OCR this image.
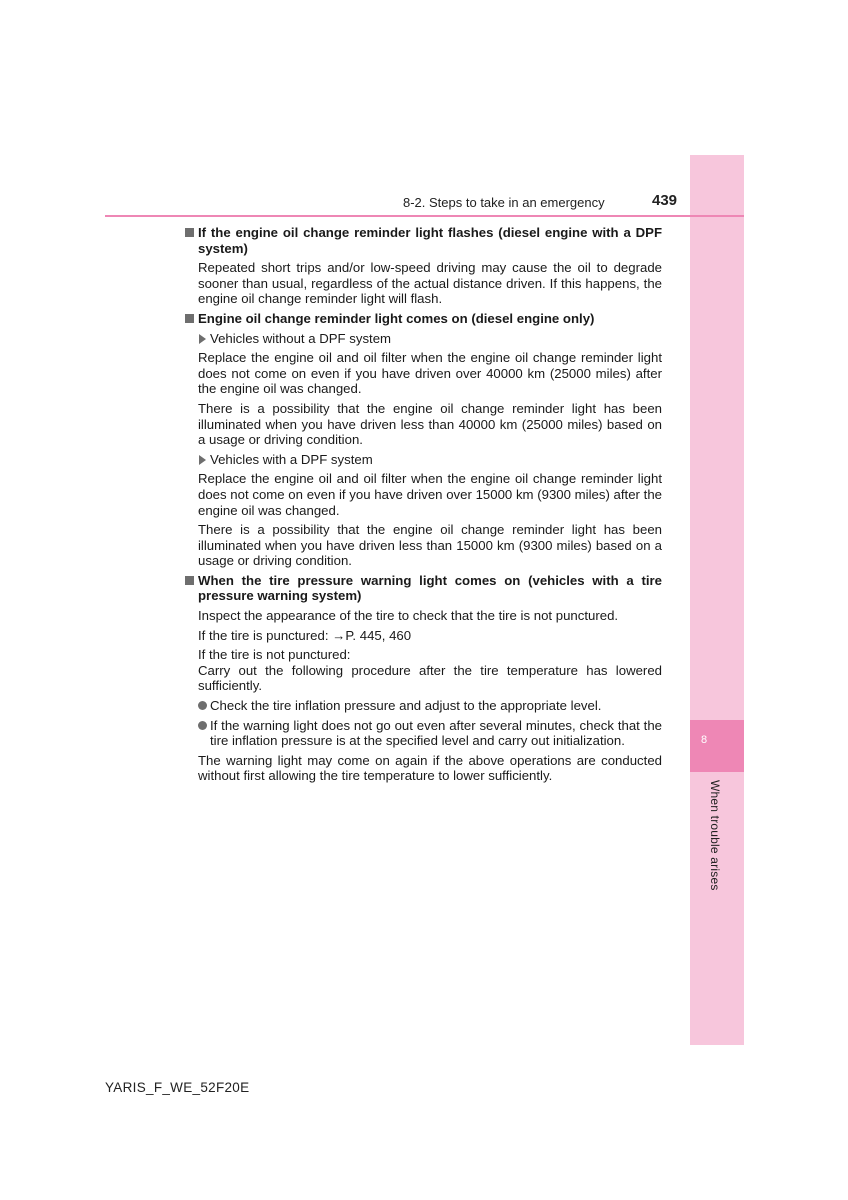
8
When trouble arises
8-2. Steps to take in an emergency	439
If the engine oil change reminder light flashes (diesel engine with a DPF system)
Repeated short trips and/or low-speed driving may cause the oil to degrade sooner than usual, regardless of the actual distance driven. If this happens, the engine oil change reminder light will flash.
Engine oil change reminder light comes on (diesel engine only)
Vehicles without a DPF system
Replace the engine oil and oil filter when the engine oil change reminder light does not come on even if you have driven over 40000 km (25000 miles) after the engine oil was changed.
There is a possibility that the engine oil change reminder light has been illuminated when you have driven less than 40000 km (25000 miles) based on a usage or driving condition.
Vehicles with a DPF system
Replace the engine oil and oil filter when the engine oil change reminder light does not come on even if you have driven over 15000 km (9300 miles) after the engine oil was changed.
There is a possibility that the engine oil change reminder light has been illuminated when you have driven less than 15000 km (9300 miles) based on a usage or driving condition.
When the tire pressure warning light comes on (vehicles with a tire pressure warning system)
Inspect the appearance of the tire to check that the tire is not punctured.
If the tire is punctured: →P. 445, 460
If the tire is not punctured:
Carry out the following procedure after the tire temperature has lowered sufficiently.
Check the tire inflation pressure and adjust to the appropriate level.
If the warning light does not go out even after several minutes, check that the tire inflation pressure is at the specified level and carry out initialization.
The warning light may come on again if the above operations are conducted without first allowing the tire temperature to lower sufficiently.
YARIS_F_WE_52F20E
